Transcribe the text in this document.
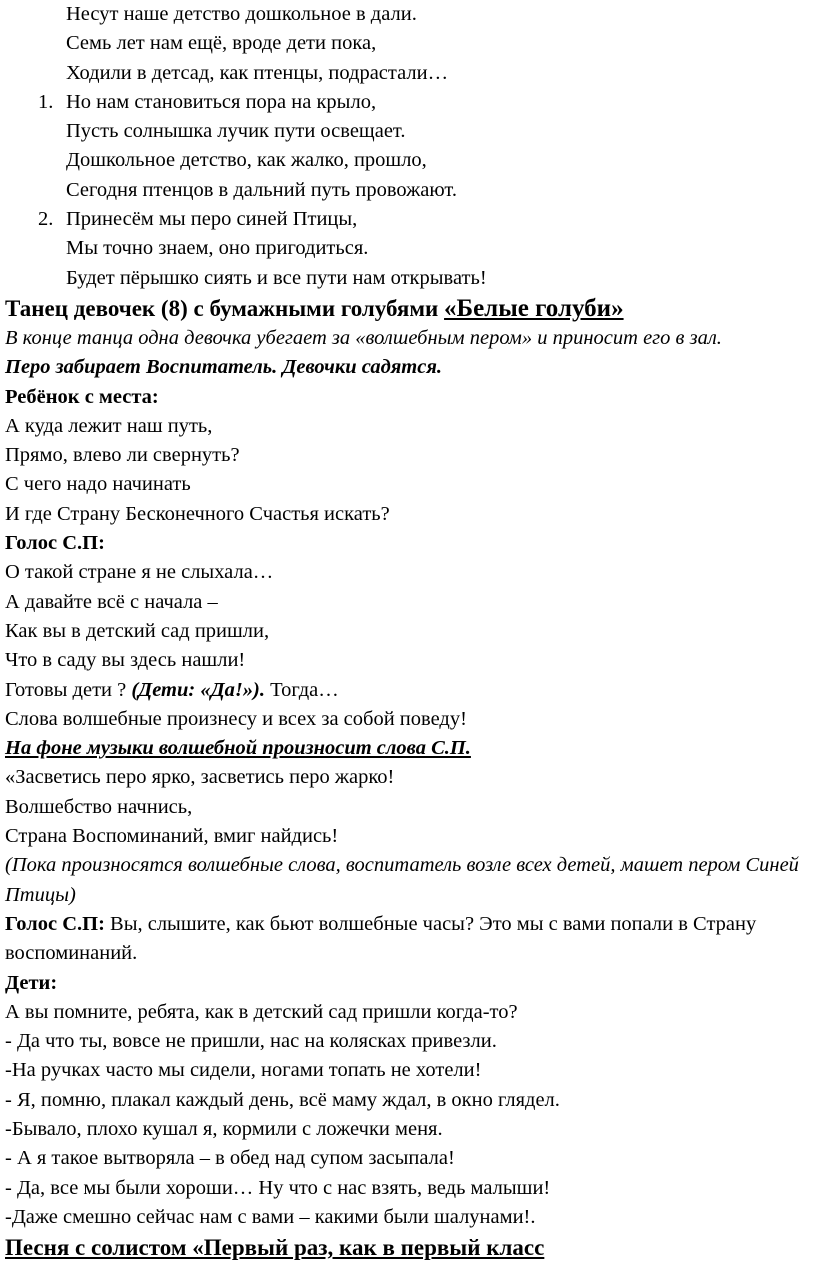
Несут наше детство дошкольное в дали.
Семь лет нам ещё, вроде дети пока,
Ходили в детсад, как птенцы, подрастали…
1. Но нам становиться пора на крыло,
Пусть солнышка лучик пути освещает.
Дошкольное детство, как жалко, прошло,
Сегодня птенцов в дальний путь провожают.
2. Принесём мы перо синей Птицы,
Мы точно знаем, оно пригодиться.
Будет пёрышко сиять и все пути нам открывать!
Танец девочек (8) с бумажными голубями «Белые голуби»
В конце танца одна девочка убегает за «волшебным пером» и приносит его в зал.
Перо забирает Воспитатель. Девочки садятся.
Ребёнок с места:
А куда лежит наш путь,
Прямо, влево ли свернуть?
С чего надо начинать
И где Страну Бесконечного Счастья искать?
Голос С.П:
О такой стране я не слыхала…
А давайте всё с начала –
Как вы в детский сад пришли,
Что в саду вы здесь нашли!
Готовы дети ? (Дети: «Да!»). Тогда…
Слова волшебные произнесу и всех за собой поведу!
На фоне музыки волшебной произносит слова С.П.
«Засветись перо ярко, засветись перо жарко!
Волшебство начнись,
Страна Воспоминаний, вмиг найдись!
(Пока произносятся волшебные слова, воспитатель возле всех детей, машет пером Синей Птицы)
Голос С.П: Вы, слышите, как бьют волшебные часы? Это мы с вами попали в Страну воспоминаний.
Дети:
А вы помните, ребята, как в детский сад пришли когда-то?
- Да что ты, вовсе не пришли, нас на колясках привезли.
-На ручках часто мы сидели, ногами топать не хотели!
- Я, помню, плакал каждый день, всё маму ждал, в окно глядел.
-Бывало, плохо кушал я, кормили с ложечки меня.
- А я такое вытворяла – в обед над супом засыпала!
- Да, все мы были хороши… Ну что с нас взять, ведь малыши!
-Даже смешно сейчас нам с вами – какими были шалунами!.
Песня с солистом «Первый раз, как в первый класс
